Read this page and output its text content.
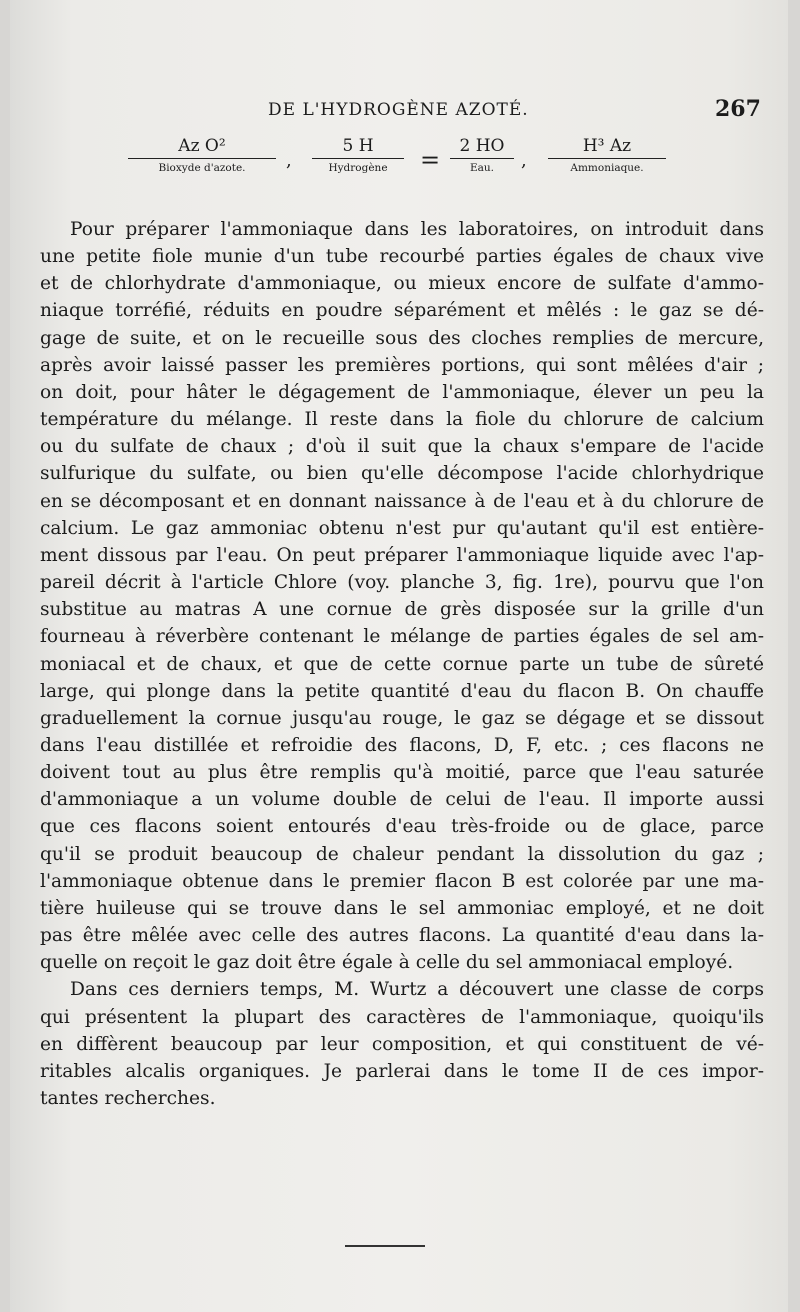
DE L'HYDROGÈNE AZOTÉ.	267
Az O²
Bioxyde d'azote.	,
5 H
Hydrogène	=	2 HO
Eau.	,
H³ Az
Ammoniaque.
Pour préparer l'ammoniaque dans les laboratoires, on introduit dans
une petite fiole munie d'un tube recourbé parties égales de chaux vive
et de chlorhydrate d'ammoniaque, ou mieux encore de sulfate d'ammo-
niaque torréfié, réduits en poudre séparément et mêlés : le gaz se dé-
gage de suite, et on le recueille sous des cloches remplies de mercure,
après avoir laissé passer les premières portions, qui sont mêlées d'air ;
on doit, pour hâter le dégagement de l'ammoniaque, élever un peu la
température du mélange. Il reste dans la fiole du chlorure de calcium
ou du sulfate de chaux ; d'où il suit que la chaux s'empare de l'acide
sulfurique du sulfate, ou bien qu'elle décompose l'acide chlorhydrique
en se décomposant et en donnant naissance à de l'eau et à du chlorure de
calcium. Le gaz ammoniac obtenu n'est pur qu'autant qu'il est entière-
ment dissous par l'eau. On peut préparer l'ammoniaque liquide avec l'ap-
pareil décrit à l'article Chlore (voy. planche 3, fig. 1re), pourvu que l'on
substitue au matras A une cornue de grès disposée sur la grille d'un
fourneau à réverbère contenant le mélange de parties égales de sel am-
moniacal et de chaux, et que de cette cornue parte un tube de sûreté
large, qui plonge dans la petite quantité d'eau du flacon B. On chauffe
graduellement la cornue jusqu'au rouge, le gaz se dégage et se dissout
dans l'eau distillée et refroidie des flacons, D, F, etc. ; ces flacons ne
doivent tout au plus être remplis qu'à moitié, parce que l'eau saturée
d'ammoniaque a un volume double de celui de l'eau. Il importe aussi
que ces flacons soient entourés d'eau très-froide ou de glace, parce
qu'il se produit beaucoup de chaleur pendant la dissolution du gaz ;
l'ammoniaque obtenue dans le premier flacon B est colorée par une ma-
tière huileuse qui se trouve dans le sel ammoniac employé, et ne doit
pas être mêlée avec celle des autres flacons. La quantité d'eau dans la-
quelle on reçoit le gaz doit être égale à celle du sel ammoniacal employé.
Dans ces derniers temps, M. Wurtz a découvert une classe de corps
qui présentent la plupart des caractères de l'ammoniaque, quoiqu'ils
en diffèrent beaucoup par leur composition, et qui constituent de vé-
ritables alcalis organiques. Je parlerai dans le tome II de ces impor-
tantes recherches.
